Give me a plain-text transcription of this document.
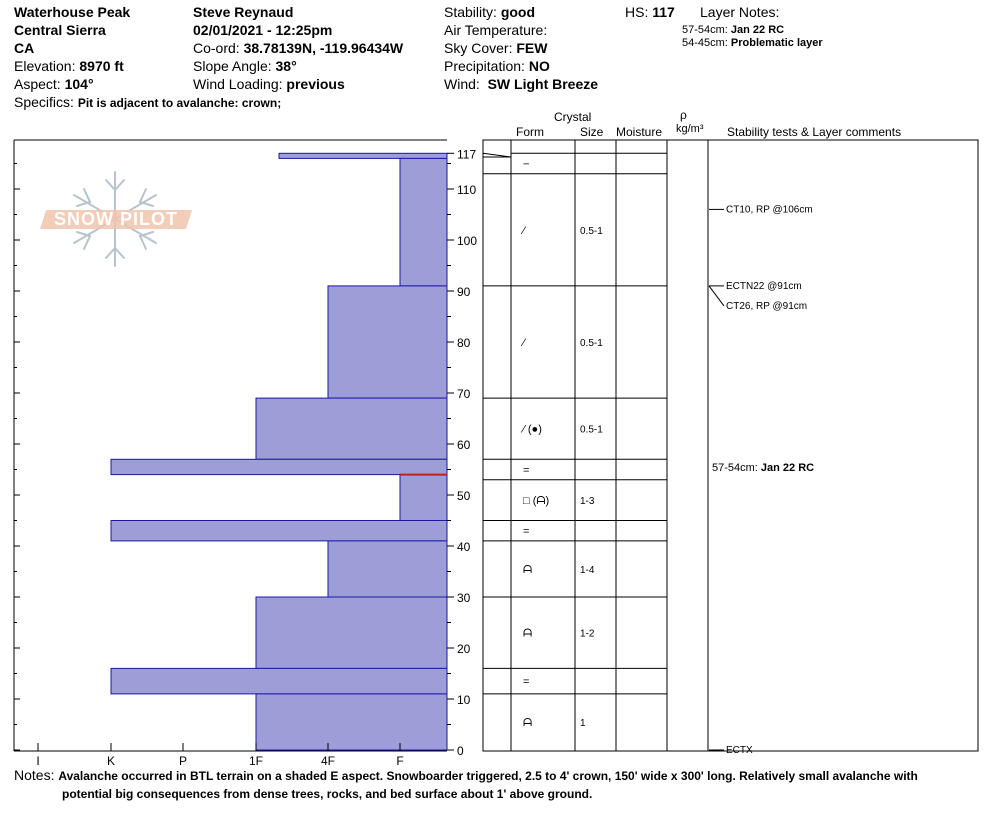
Waterhouse Peak
Central Sierra
CA
Elevation: 8970 ft
Aspect: 104°
Specifics: Pit is adjacent to avalanche: crown;
Steve Reynaud
02/01/2021 - 12:25pm
Co-ord: 38.78139N, -119.96434W
Slope Angle: 38°
Wind Loading: previous
Stability: good
Air Temperature:
Sky Cover: FEW
Precipitation: NO
Wind: SW Light Breeze
HS: 117 Layer Notes:
57-54cm: Jan 22 RC
54-45cm: Problematic layer
Crystal
Form	Size Moisture
ρ
kg/m³ Stability tests & Layer comments
SNOW PILOT
I	K	P	1F	4F	F
117
110
100
90
80
70
60
50
40
30
20
10
0
−
⁄	0.5-1
⁄	0.5-1
⁄ (●)	0.5-1
=
□ (ᗩ)	1-3
=
ᗩ	1-4
ᗩ	1-2
=
ᗩ	1
CT10, RP @106cm
ECTN22 @91cm
CT26, RP @91cm
ECTX
57-54cm: Jan 22 RC
Notes: Avalanche occurred in BTL terrain on a shaded E aspect. Snowboarder triggered, 2.5 to 4' crown, 150' wide x 300' long. Relatively small avalanche with
potential big consequences from dense trees, rocks, and bed surface about 1' above ground.
